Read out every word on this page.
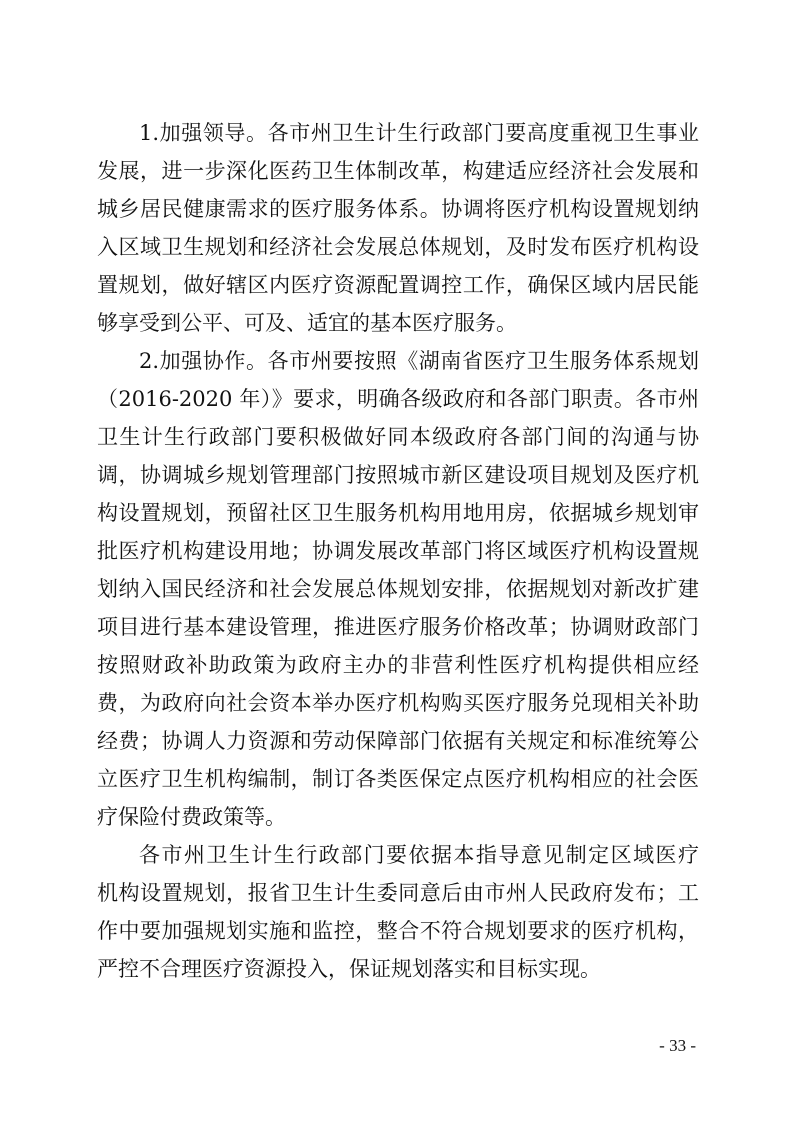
1.加强领导。各市州卫生计生行政部门要高度重视卫生事业
发展，进一步深化医药卫生体制改革，构建适应经济社会发展和
城乡居民健康需求的医疗服务体系。协调将医疗机构设置规划纳
入区域卫生规划和经济社会发展总体规划，及时发布医疗机构设
置规划，做好辖区内医疗资源配置调控工作，确保区域内居民能
够享受到公平、可及、适宜的基本医疗服务。
2.加强协作。各市州要按照《湖南省医疗卫生服务体系规划
（2016-2020 年）》要求，明确各级政府和各部门职责。各市州
卫生计生行政部门要积极做好同本级政府各部门间的沟通与协
调，协调城乡规划管理部门按照城市新区建设项目规划及医疗机
构设置规划，预留社区卫生服务机构用地用房，依据城乡规划审
批医疗机构建设用地；协调发展改革部门将区域医疗机构设置规
划纳入国民经济和社会发展总体规划安排，依据规划对新改扩建
项目进行基本建设管理，推进医疗服务价格改革；协调财政部门
按照财政补助政策为政府主办的非营利性医疗机构提供相应经
费，为政府向社会资本举办医疗机构购买医疗服务兑现相关补助
经费；协调人力资源和劳动保障部门依据有关规定和标准统筹公
立医疗卫生机构编制，制订各类医保定点医疗机构相应的社会医
疗保险付费政策等。
各市州卫生计生行政部门要依据本指导意见制定区域医疗
机构设置规划，报省卫生计生委同意后由市州人民政府发布；工
作中要加强规划实施和监控，整合不符合规划要求的医疗机构，
严控不合理医疗资源投入，保证规划落实和目标实现。
- 33 -
